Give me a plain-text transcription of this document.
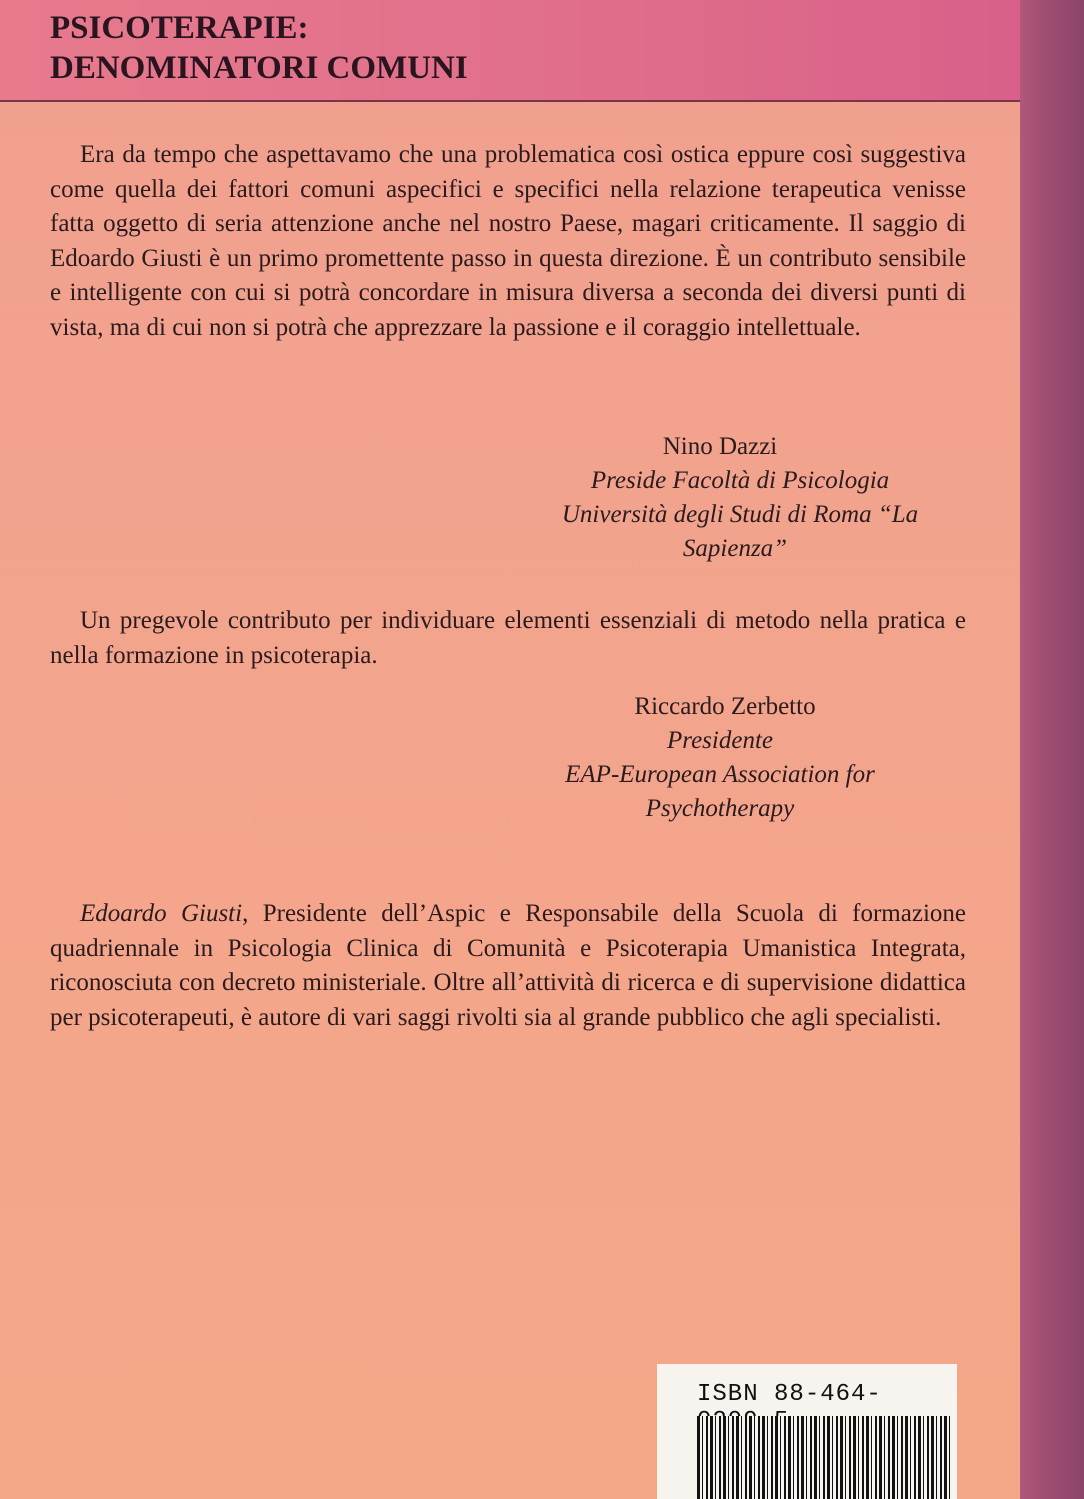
PSICOTERAPIE:
DENOMINATORI COMUNI

Era da tempo che aspettavamo che una problematica così ostica eppure così suggestiva come quella dei fattori comuni aspecifici e specifici nella relazione terapeutica venisse fatta oggetto di seria attenzione anche nel nostro Paese, magari criticamente. Il saggio di Edoardo Giusti è un primo promettente passo in questa direzione. È un contributo sensibile e intelligente con cui si potrà concordare in misura diversa a seconda dei diversi punti di vista, ma di cui non si potrà che apprezzare la passione e il coraggio intellettuale.

Nino Dazzi
Preside Facoltà di Psicologia
Università degli Studi di Roma “La
Sapienza”

Un pregevole contributo per individuare elementi essenziali di metodo nella pratica e nella formazione in psicoterapia.

Riccardo Zerbetto
Presidente
EAP-European Association for
Psychotherapy

Edoardo Giusti, Presidente dell’Aspic e Responsabile della Scuola di formazione quadriennale in Psicologia Clinica di Comunità e Psicoterapia Umanistica Integrata, riconosciuta con decreto ministeriale. Oltre all’attività di ricerca e di supervisione didattica per psicoterapeuti, è autore di vari saggi rivolti sia al grande pubblico che agli specialisti.

ISBN 88-464-
